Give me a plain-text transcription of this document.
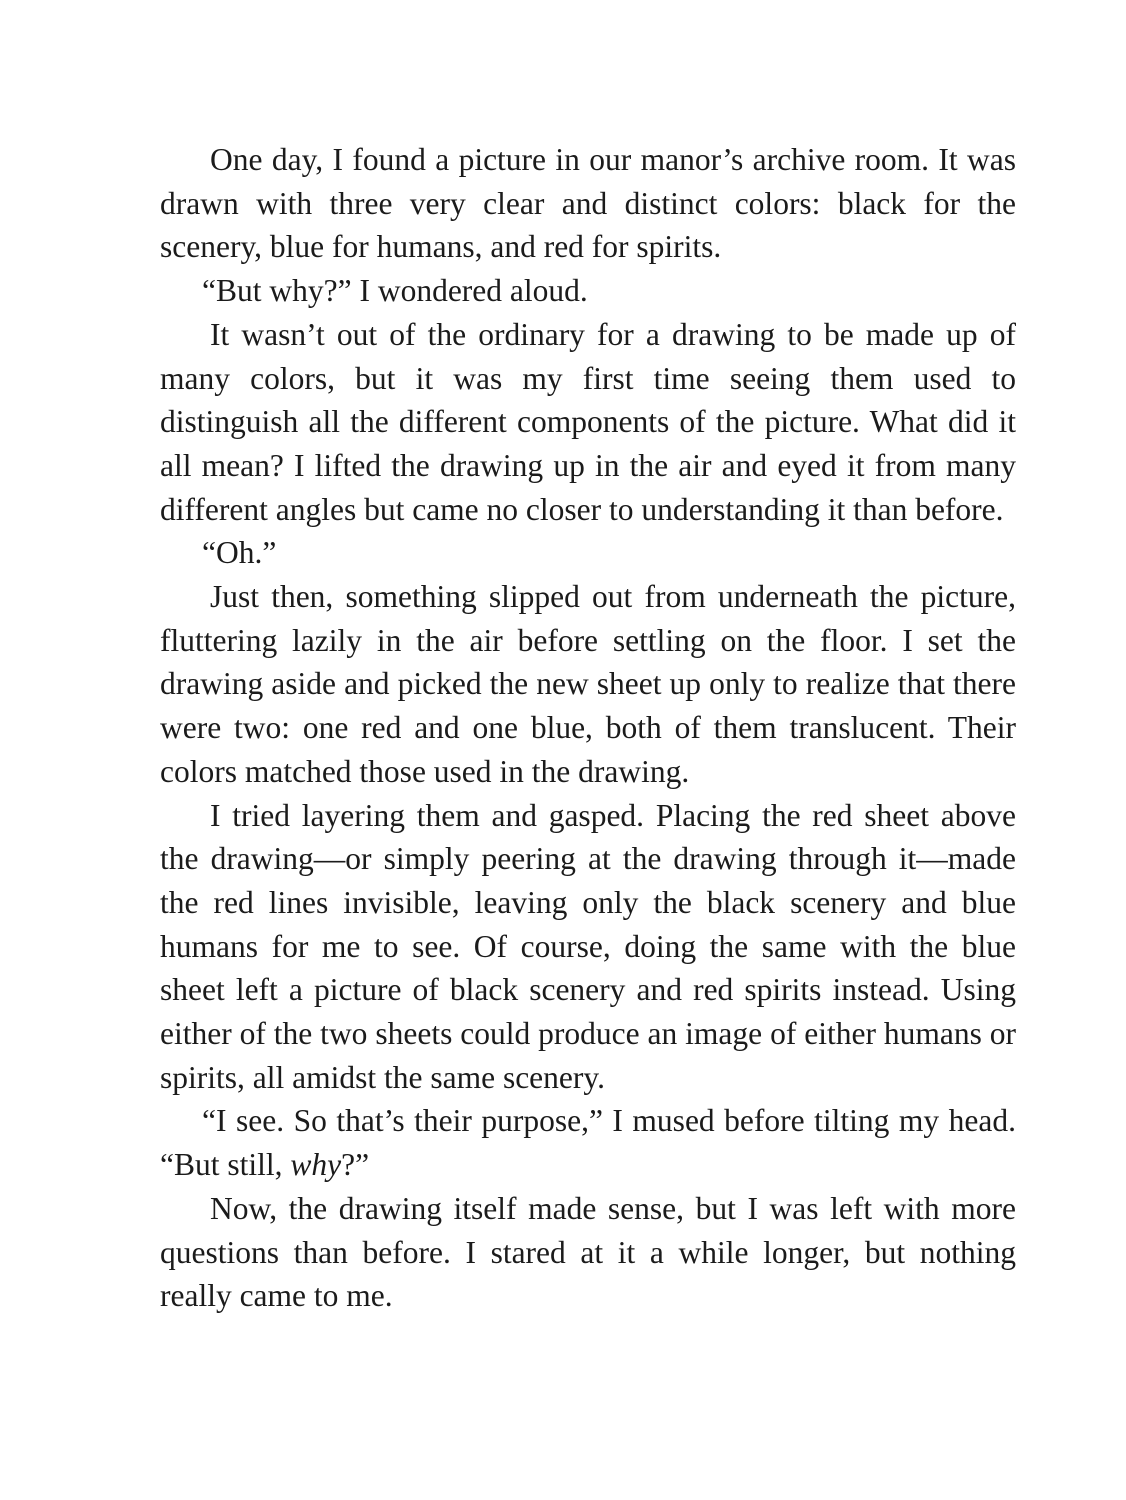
One day, I found a picture in our manor’s archive room. It was drawn with three very clear and distinct colors: black for the scenery, blue for humans, and red for spirits.

“But why?” I wondered aloud.

It wasn’t out of the ordinary for a drawing to be made up of many colors, but it was my first time seeing them used to distinguish all the different components of the picture. What did it all mean? I lifted the drawing up in the air and eyed it from many different angles but came no closer to understanding it than before.

“Oh.”

Just then, something slipped out from underneath the picture, fluttering lazily in the air before settling on the floor. I set the drawing aside and picked the new sheet up only to realize that there were two: one red and one blue, both of them translucent. Their colors matched those used in the drawing.

I tried layering them and gasped. Placing the red sheet above the drawing—or simply peering at the drawing through it—made the red lines invisible, leaving only the black scenery and blue humans for me to see. Of course, doing the same with the blue sheet left a picture of black scenery and red spirits instead. Using either of the two sheets could produce an image of either humans or spirits, all amidst the same scenery.

“I see. So that’s their purpose,” I mused before tilting my head. “But still, why?”

Now, the drawing itself made sense, but I was left with more questions than before. I stared at it a while longer, but nothing really came to me.
